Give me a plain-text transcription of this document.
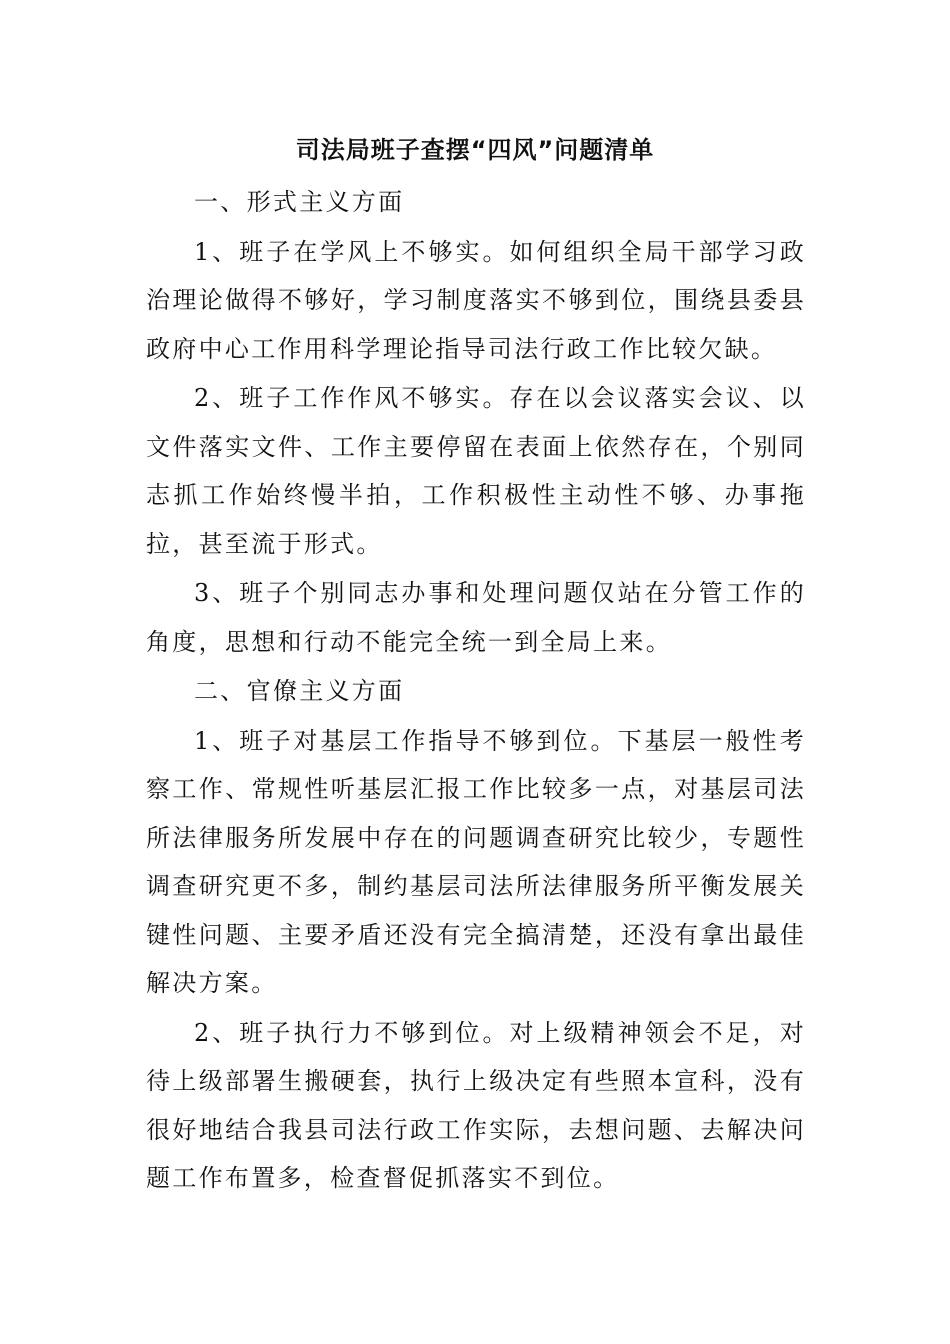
司法局班子查摆“四风”问题清单

一、形式主义方面

1、班子在学风上不够实。如何组织全局干部学习政治理论做得不够好，学习制度落实不够到位，围绕县委县政府中心工作用科学理论指导司法行政工作比较欠缺。

2、班子工作作风不够实。存在以会议落实会议、以文件落实文件、工作主要停留在表面上依然存在，个别同志抓工作始终慢半拍，工作积极性主动性不够、办事拖拉，甚至流于形式。

3、班子个别同志办事和处理问题仅站在分管工作的角度，思想和行动不能完全统一到全局上来。

二、官僚主义方面

1、班子对基层工作指导不够到位。下基层一般性考察工作、常规性听基层汇报工作比较多一点，对基层司法所法律服务所发展中存在的问题调查研究比较少，专题性调查研究更不多，制约基层司法所法律服务所平衡发展关键性问题、主要矛盾还没有完全搞清楚，还没有拿出最佳解决方案。

2、班子执行力不够到位。对上级精神领会不足，对待上级部署生搬硬套，执行上级决定有些照本宣科，没有很好地结合我县司法行政工作实际，去想问题、去解决问题工作布置多，检查督促抓落实不到位。
